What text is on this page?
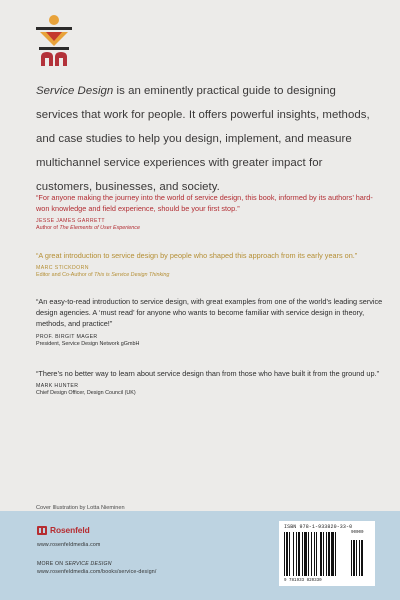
Service Design is an eminently practical guide to designing services that work for people. It offers powerful insights, methods, and case studies to help you design, implement, and measure multichannel service experiences with greater impact for customers, businesses, and society.

“For anyone making the journey into the world of service design, this book, informed by its authors’ hard-won knowledge and field experience, should be your first stop.”

JESSE JAMES GARRETT

Author of The Elements of User Experience

“A great introduction to service design by people who shaped this approach from its early years on.”

MARC STICKDORN

Editor and Co-Author of This is Service Design Thinking

“An easy-to-read introduction to service design, with great examples from one of the world’s leading service design agencies. A ‘must read’ for anyone who wants to become familiar with service design in theory, methods, and practice!”

PROF. BIRGIT MAGER

President, Service Design Network gGmbH

“There’s no better way to learn about service design than from those who have built it from the ground up.”

MARK HUNTER

Chief Design Officer, Design Council (UK)

Cover Illustration by Lotta Nieminen
Rosenfeld
www.rosenfeldmedia.com
MORE ON SERVICE DESIGN
www.rosenfeldmedia.com/books/service-design/
ISBN 978-1-933820-33-0
90000
9 781933 820330
